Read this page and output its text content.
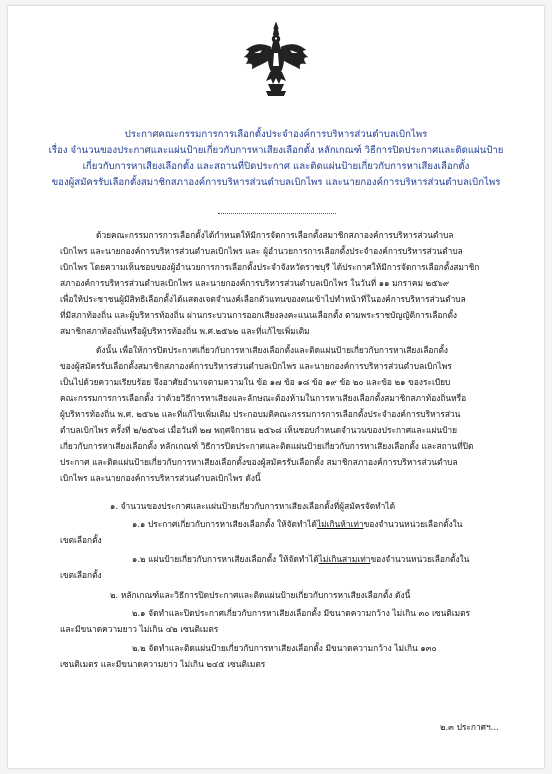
ประกาศคณะกรรมการการเลือกตั้งประจำองค์การบริหารส่วนตำบลเบิกไพร
เรื่อง จำนวนของประกาศและแผ่นป้ายเกี่ยวกับการหาเสียงเลือกตั้ง หลักเกณฑ์ วิธีการปิดประกาศและติดแผ่นป้าย
เกี่ยวกับการหาเสียงเลือกตั้ง และสถานที่ปิดประกาศ และติดแผ่นป้ายเกี่ยวกับการหาเสียงเลือกตั้ง
ของผู้สมัครรับเลือกตั้งสมาชิกสภาองค์การบริหารส่วนตำบลเบิกไพร และนายกองค์การบริหารส่วนตำบลเบิกไพร
ด้วยคณะกรรมการการเลือกตั้งได้กำหนดให้มีการจัดการเลือกตั้งสมาชิกสภาองค์การบริหารส่วนตำบล
เบิกไพร และนายกองค์การบริหารส่วนตำบลเบิกไพร และ ผู้อำนวยการการเลือกตั้งประจำองค์การบริหารส่วนตำบล
เบิกไพร โดยความเห็นชอบของผู้อำนวยการการเลือกตั้งประจำจังหวัดราชบุรี ได้ประกาศให้มีการจัดการเลือกตั้งสมาชิก
สภาองค์การบริหารส่วนตำบลเบิกไพร และนายกองค์การบริหารส่วนตำบลเบิกไพร ในวันที่ ๑๑ มกราคม ๒๕๖๙
เพื่อให้ประชาชนผู้มีสิทธิเลือกตั้งได้แสดงเจตจำนงค์เลือกตัวแทนของตนเข้าไปทำหน้าที่ในองค์การบริหารส่วนตำบล
ที่มีสภาท้องถิ่น และผู้บริหารท้องถิ่น ผ่านกระบวนการออกเสียงลงคะแนนเลือกตั้ง ตามพระราชบัญญัติการเลือกตั้ง
สมาชิกสภาท้องถิ่นหรือผู้บริหารท้องถิ่น พ.ศ.๒๕๖๒ และที่แก้ไขเพิ่มเติม
ดังนั้น เพื่อให้การปิดประกาศเกี่ยวกับการหาเสียงเลือกตั้งและติดแผ่นป้ายเกี่ยวกับการหาเสียงเลือกตั้ง
ของผู้สมัครรับเลือกตั้งสมาชิกสภาองค์การบริหารส่วนตำบลเบิกไพร และนายกองค์การบริหารส่วนตำบลเบิกไพร
เป็นไปด้วยความเรียบร้อย จึงอาศัยอำนาจตามความใน ข้อ ๑๗ ข้อ ๑๘ ข้อ ๑๙ ข้อ ๒๐ และข้อ ๒๑ ของระเบียบ
คณะกรรมการการเลือกตั้ง ว่าด้วยวิธีการหาเสียงและลักษณะต้องห้ามในการหาเสียงเลือกตั้งสมาชิกสภาท้องถิ่นหรือ
ผู้บริหารท้องถิ่น พ.ศ. ๒๕๖๒ และที่แก้ไขเพิ่มเติม ประกอบมติคณะกรรมการการเลือกตั้งประจำองค์การบริหารส่วน
ตำบลเบิกไพร ครั้งที่ ๒/๒๕๖๘ เมื่อวันที่ ๒๗ พฤศจิกายน ๒๕๖๘ เห็นชอบกำหนดจำนวนของประกาศและแผ่นป้าย
เกี่ยวกับการหาเสียงเลือกตั้ง หลักเกณฑ์ วิธีการปิดประกาศและติดแผ่นป้ายเกี่ยวกับการหาเสียงเลือกตั้ง และสถานที่ปิด
ประกาศ และติดแผ่นป้ายเกี่ยวกับการหาเสียงเลือกตั้งของผู้สมัครรับเลือกตั้ง สมาชิกสภาองค์การบริหารส่วนตำบล
เบิกไพร และนายกองค์การบริหารส่วนตำบลเบิกไพร ดังนี้
๑. จำนวนของประกาศและแผ่นป้ายเกี่ยวกับการหาเสียงเลือกตั้งที่ผู้สมัครจัดทำได้
๑.๑ ประกาศเกี่ยวกับการหาเสียงเลือกตั้ง ให้จัดทำได้ไม่เกินห้าเท่าของจำนวนหน่วยเลือกตั้งใน
เขตเลือกตั้ง
๑.๒ แผ่นป้ายเกี่ยวกับการหาเสียงเลือกตั้ง ให้จัดทำได้ไม่เกินสามเท่าของจำนวนหน่วยเลือกตั้งใน
เขตเลือกตั้ง
๒. หลักเกณฑ์และวิธีการปิดประกาศและติดแผ่นป้ายเกี่ยวกับการหาเสียงเลือกตั้ง ดังนี้
๒.๑ จัดทำและปิดประกาศเกี่ยวกับการหาเสียงเลือกตั้ง มีขนาดความกว้าง ไม่เกิน ๓๐ เซนติเมตร
และมีขนาดความยาว ไม่เกิน ๔๒ เซนติเมตร
๒.๒ จัดทำและติดแผ่นป้ายเกี่ยวกับการหาเสียงเลือกตั้ง มีขนาดความกว้าง ไม่เกิน ๑๓๐
เซนติเมตร และมีขนาดความยาว ไม่เกิน ๒๔๕ เซนติเมตร
๒.๓ ประกาศฯ...
